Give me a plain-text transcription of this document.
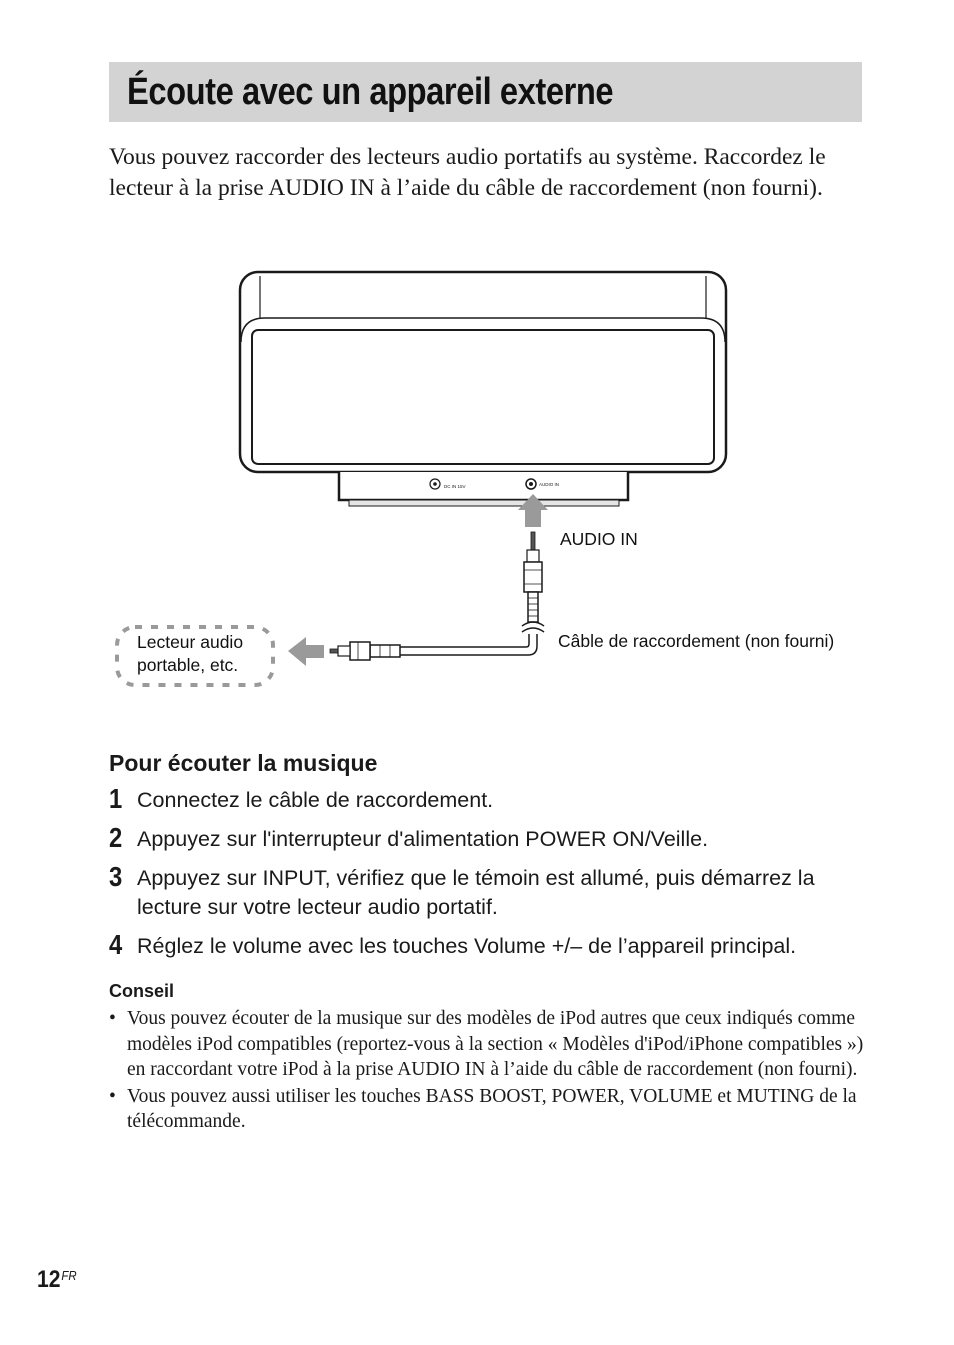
Écoute avec un appareil externe

Vous pouvez raccorder des lecteurs audio portatifs au système. Raccordez le lecteur à la prise AUDIO IN à l’aide du câble de raccordement (non fourni).

DC IN 15V	AUDIO IN
AUDIO IN
Câble de raccordement (non fourni)
Lecteur audio
portable, etc.
Pour écouter la musique
1 Connectez le câble de raccordement.
2 Appuyez sur l'interrupteur d'alimentation POWER ON/Veille.
3 Appuyez sur INPUT, vérifiez que le témoin est allumé, puis démarrez la lecture sur votre lecteur audio portatif.
4 Réglez le volume avec les touches Volume +/– de l’appareil principal.
Conseil
• Vous pouvez écouter de la musique sur des modèles de iPod autres que ceux indiqués comme modèles iPod compatibles (reportez-vous à la section « Modèles d'iPod/iPhone compatibles ») en raccordant votre iPod à la prise AUDIO IN à l’aide du câble de raccordement (non fourni).
• Vous pouvez aussi utiliser les touches BASS BOOST, POWER, VOLUME et MUTING de la télécommande.
$12^{FR}$
